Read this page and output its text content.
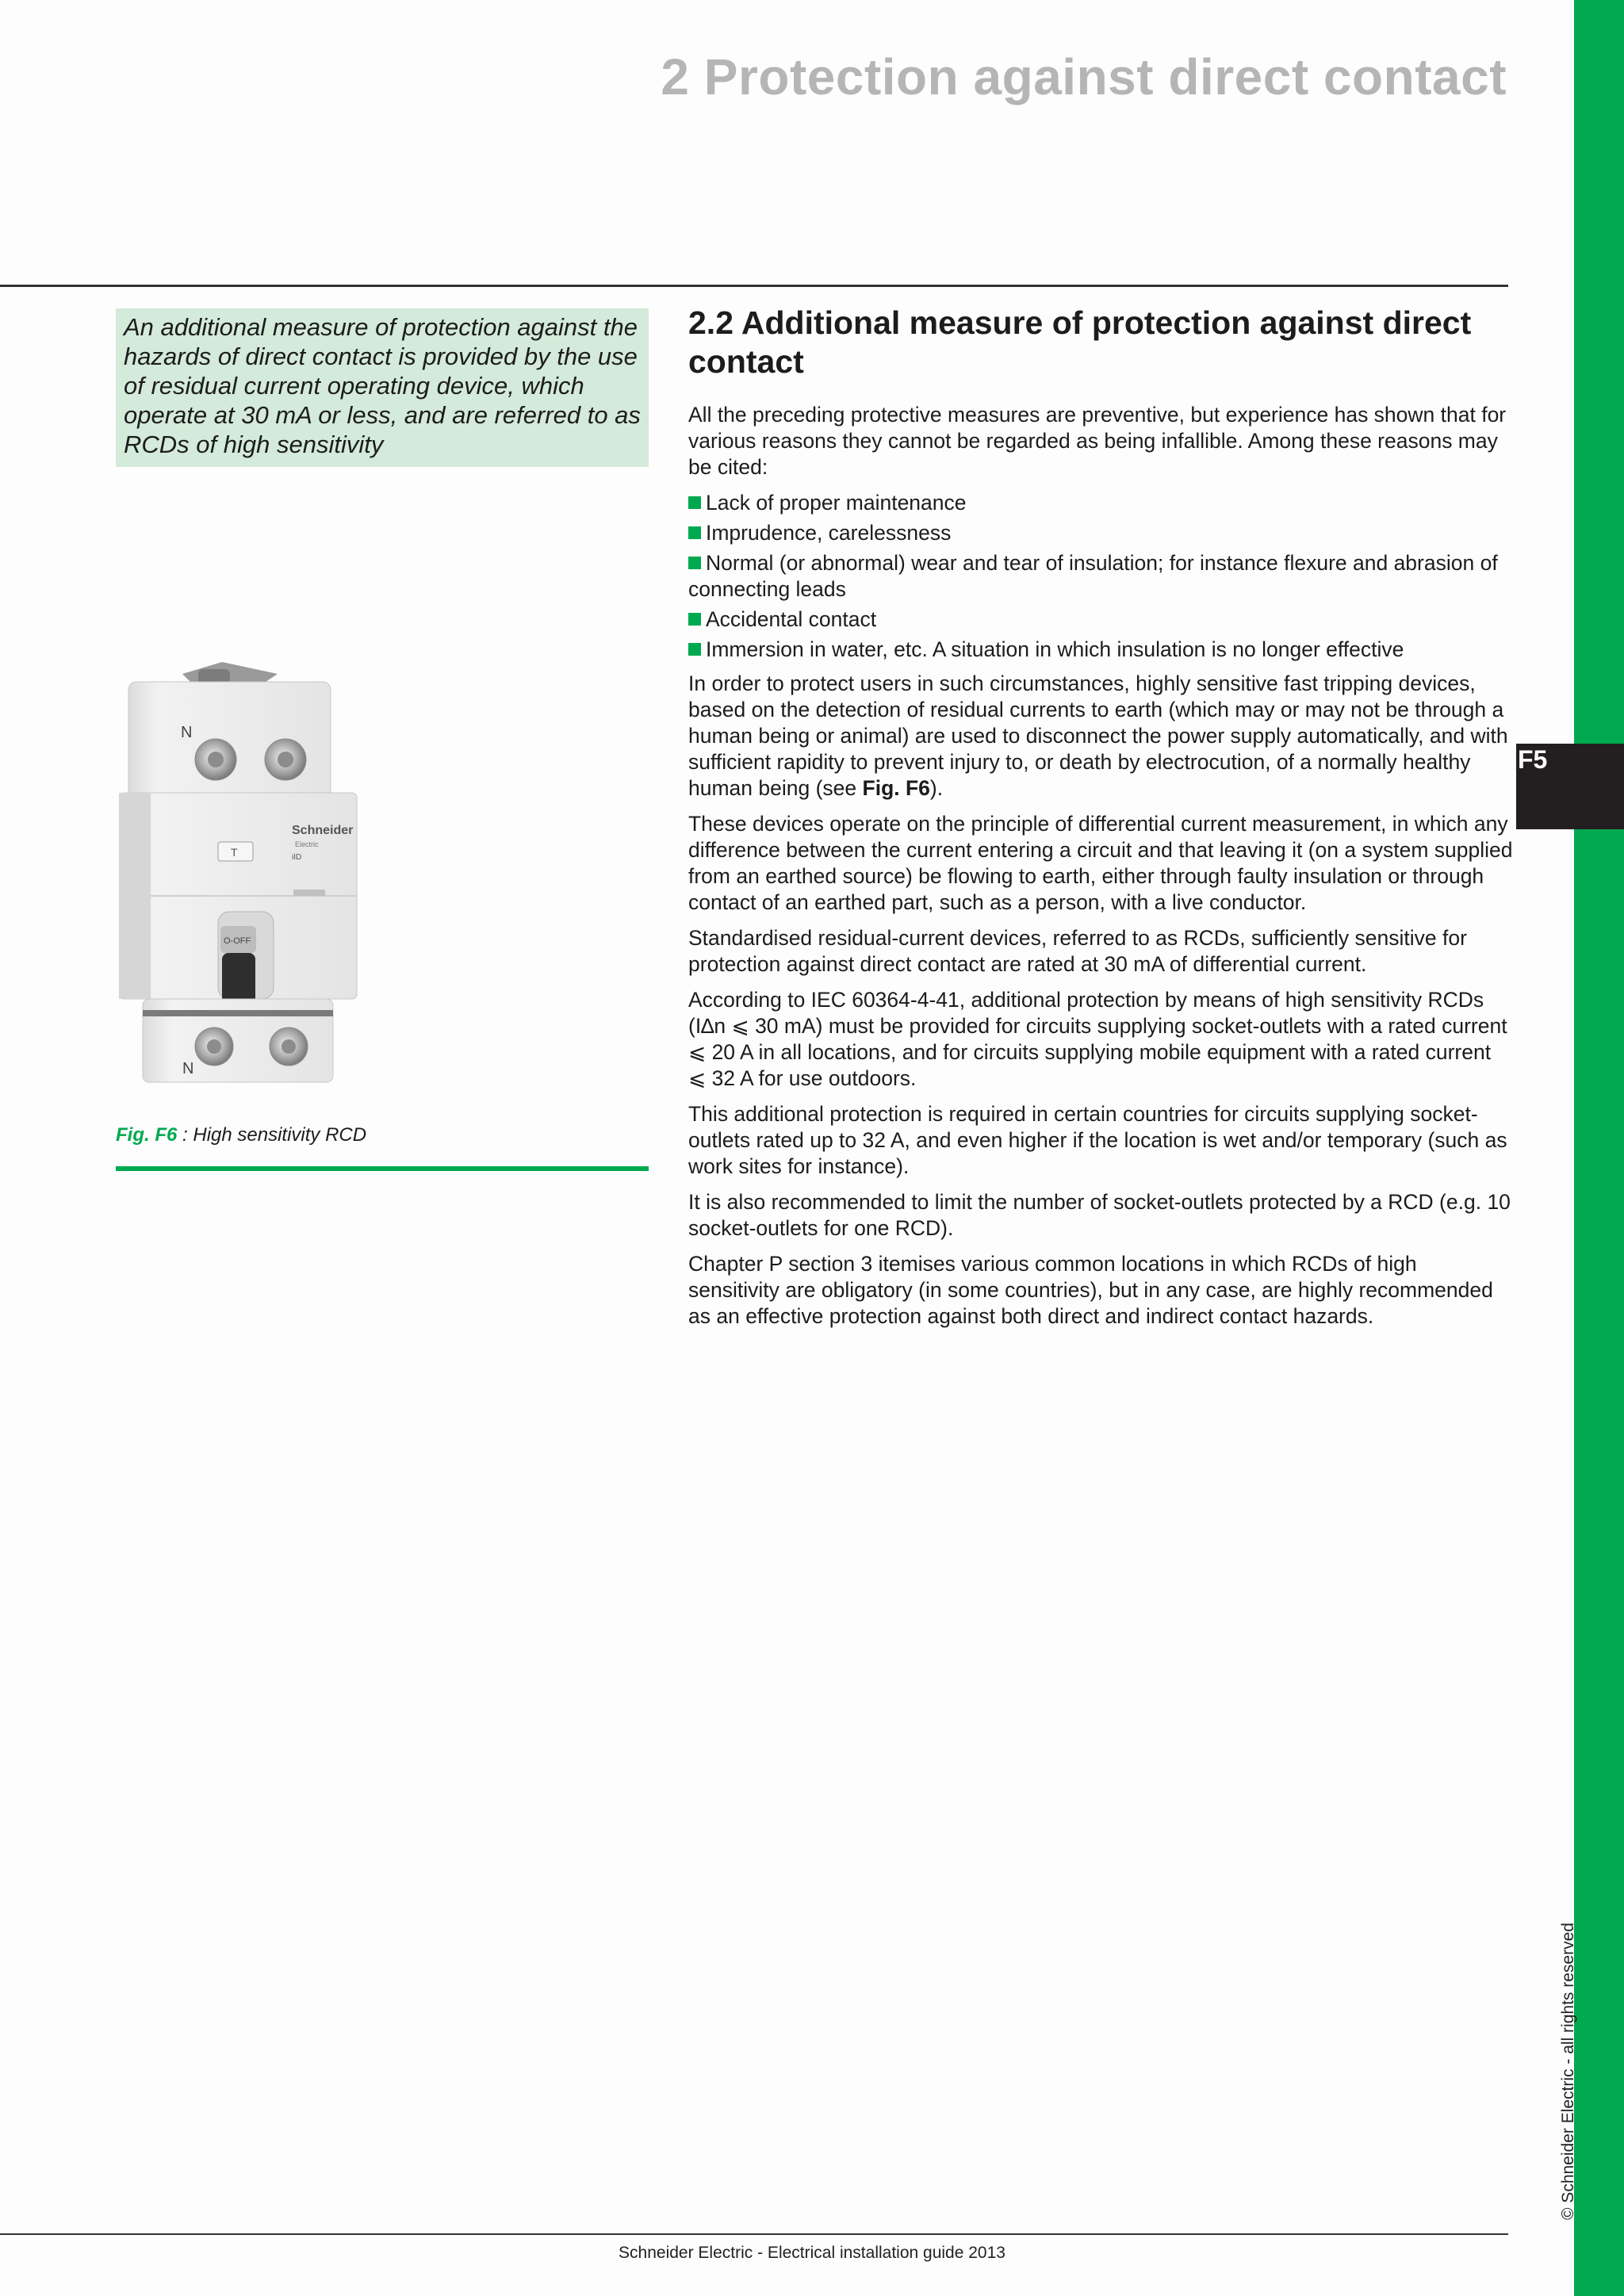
2 Protection against direct contact
F5
An additional measure of protection against the hazards of direct contact is provided by the use of residual current operating device, which operate at 30 mA or less, and are referred to as RCDs of high sensitivity
N
Schneider
Electric
iID
T
O-OFF
N
Fig. F6 : High sensitivity RCD
2.2 Additional measure of protection against direct contact

All the preceding protective measures are preventive, but experience has shown that for various reasons they cannot be regarded as being infallible. Among these reasons may be cited:

Lack of proper maintenance
Imprudence, carelessness
Normal (or abnormal) wear and tear of insulation; for instance flexure and abrasion of connecting leads
Accidental contact
Immersion in water, etc. A situation in which insulation is no longer effective

In order to protect users in such circumstances, highly sensitive fast tripping devices, based on the detection of residual currents to earth (which may or may not be through a human being or animal) are used to disconnect the power supply automatically, and with sufficient rapidity to prevent injury to, or death by electrocution, of a normally healthy human being (see Fig. F6).

These devices operate on the principle of differential current measurement, in which any difference between the current entering a circuit and that leaving it (on a system supplied from an earthed source) be flowing to earth, either through faulty insulation or through contact of an earthed part, such as a person, with a live conductor.

Standardised residual-current devices, referred to as RCDs, sufficiently sensitive for protection against direct contact are rated at 30 mA of differential current.

According to IEC 60364-4-41, additional protection by means of high sensitivity RCDs (I∆n ⩽ 30 mA) must be provided for circuits supplying socket-outlets with a rated current ⩽ 20 A in all locations, and for circuits supplying mobile equipment with a rated current ⩽ 32 A for use outdoors.

This additional protection is required in certain countries for circuits supplying socket-outlets rated up to 32 A, and even higher if the location is wet and/or temporary (such as work sites for instance).

It is also recommended to limit the number of socket-outlets protected by a RCD (e.g. 10 socket-outlets for one RCD).

Chapter P section 3 itemises various common locations in which RCDs of high sensitivity are obligatory (in some countries), but in any case, are highly recommended as an effective protection against both direct and indirect contact hazards.

© Schneider Electric - all rights reserved
Schneider Electric - Electrical installation guide 2013
